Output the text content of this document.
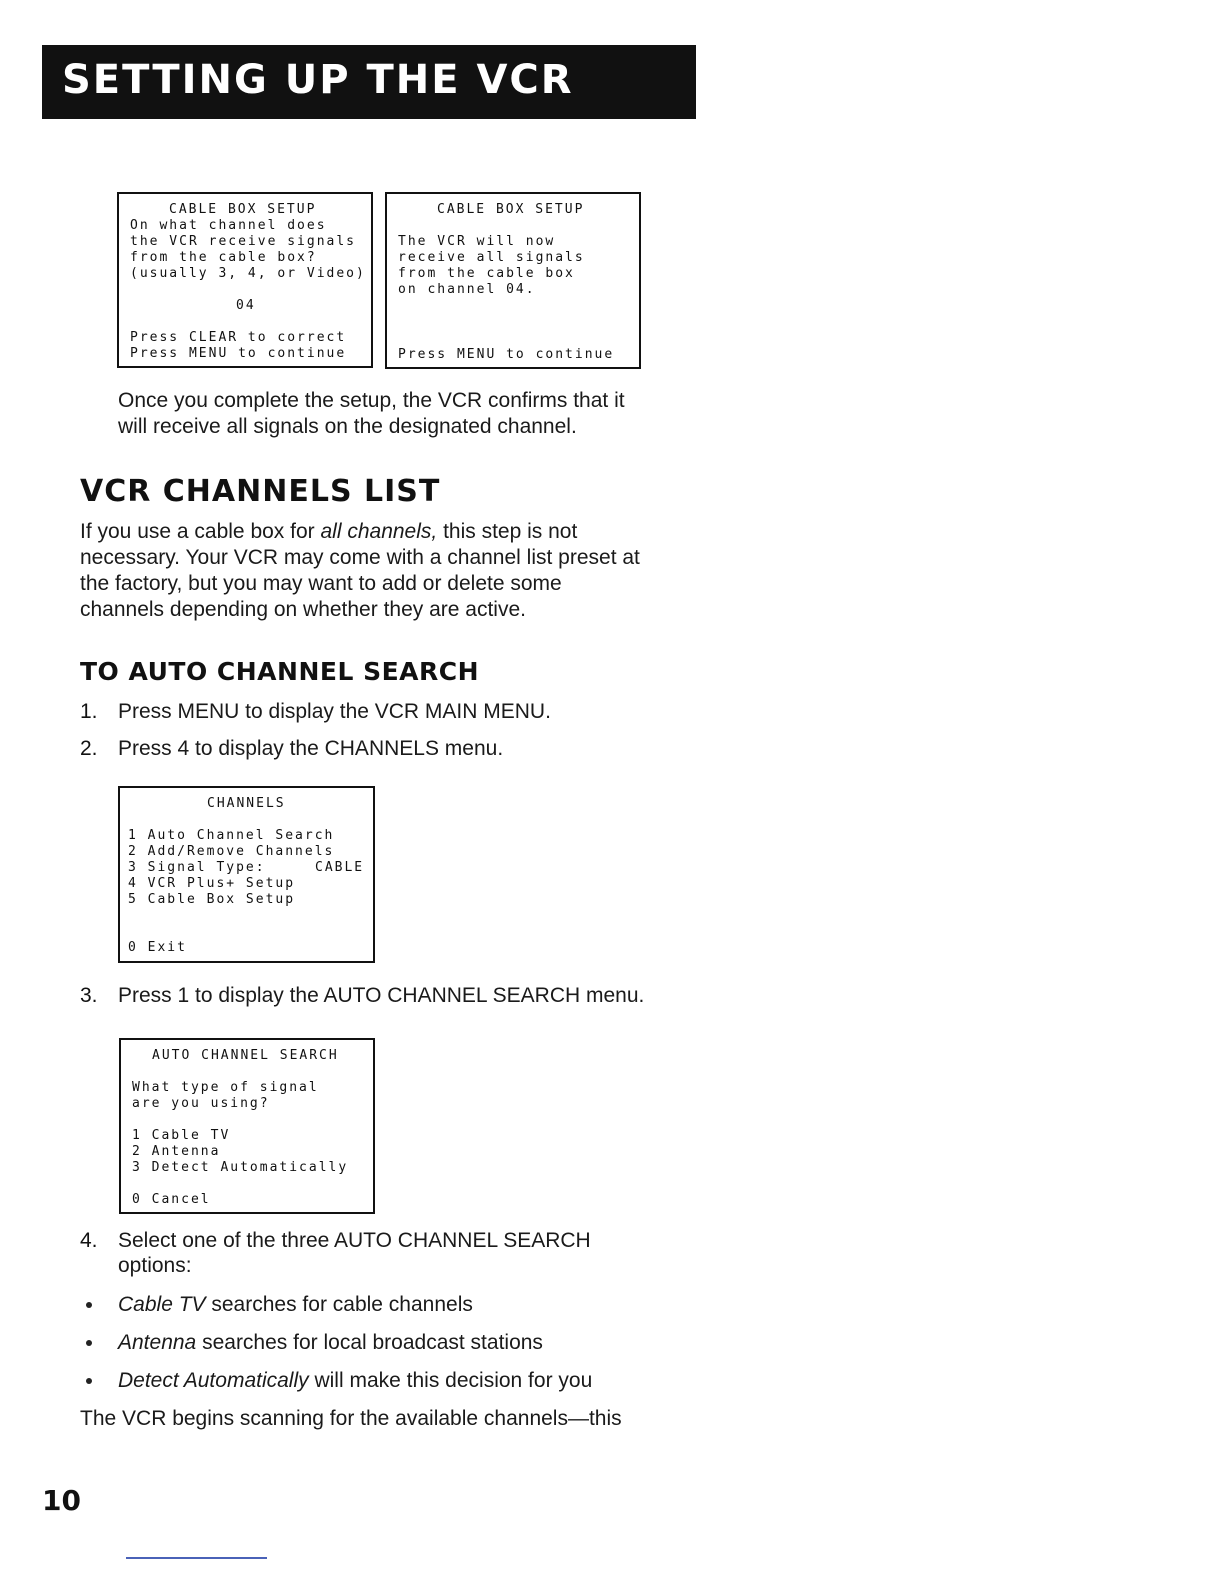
SETTING UP THE VCR
CABLE BOX SETUP
On what channel does
the VCR receive signals
from the cable box?
(usually 3, 4, or Video)
04
Press CLEAR to correct
Press MENU to continue
CABLE BOX SETUP
The VCR will now
receive all signals
from the cable box
on channel 04.
Press MENU to continue
Once you complete the setup, the VCR confirms that it
will receive all signals on the designated channel.
VCR CHANNELS LIST
If you use a cable box for all channels, this step is not
necessary. Your VCR may come with a channel list preset at
the factory, but you may want to add or delete some
channels depending on whether they are active.
TO AUTO CHANNEL SEARCH
1. Press MENU to display the VCR MAIN MENU.
2. Press 4 to display the CHANNELS menu.
CHANNELS
1 Auto Channel Search
2 Add/Remove Channels
3 Signal Type:	CABLE
4 VCR Plus+ Setup
5 Cable Box Setup
0 Exit
3. Press 1 to display the AUTO CHANNEL SEARCH menu.
AUTO CHANNEL SEARCH
What type of signal
are you using?
1 Cable TV
2 Antenna
3 Detect Automatically
0 Cancel
4. Select one of the three AUTO CHANNEL SEARCH
options:
Cable TV searches for cable channels
Antenna searches for local broadcast stations
Detect Automatically will make this decision for you
The VCR begins scanning for the available channels—this
10
